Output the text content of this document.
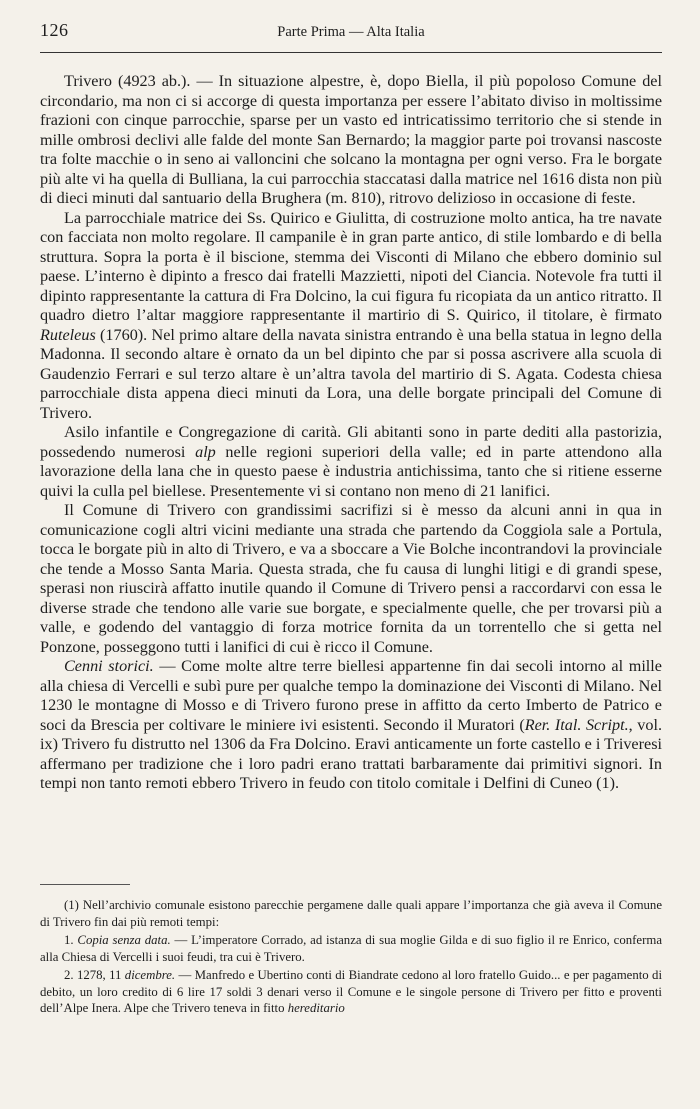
126	Parte Prima — Alta Italia

Trivero (4923 ab.). — In situazione alpestre, è, dopo Biella, il più popoloso Comune del circondario, ma non ci si accorge di questa importanza per essere l’abitato diviso in moltissime frazioni con cinque parrocchie, sparse per un vasto ed intricatissimo territorio che si stende in mille ombrosi declivi alle falde del monte San Bernardo; la maggior parte poi trovansi nascoste tra folte macchie o in seno ai valloncini che solcano la montagna per ogni verso. Fra le borgate più alte vi ha quella di Bulliana, la cui parrocchia staccatasi dalla matrice nel 1616 dista non più di dieci minuti dal santuario della Brughera (m. 810), ritrovo delizioso in occasione di feste.

La parrocchiale matrice dei Ss. Quirico e Giulitta, di costruzione molto antica, ha tre navate con facciata non molto regolare. Il campanile è in gran parte antico, di stile lombardo e di bella struttura. Sopra la porta è il biscione, stemma dei Visconti di Milano che ebbero dominio sul paese. L’interno è dipinto a fresco dai fratelli Mazzietti, nipoti del Ciancia. Notevole fra tutti il dipinto rappresentante la cattura di Fra Dolcino, la cui figura fu ricopiata da un antico ritratto. Il quadro dietro l’altar maggiore rappresentante il martirio di S. Quirico, il titolare, è firmato Ruteleus (1760). Nel primo altare della navata sinistra entrando è una bella statua in legno della Madonna. Il secondo altare è ornato da un bel dipinto che par si possa ascrivere alla scuola di Gaudenzio Ferrari e sul terzo altare è un’altra tavola del martirio di S. Agata. Codesta chiesa parrocchiale dista appena dieci minuti da Lora, una delle borgate principali del Comune di Trivero.

Asilo infantile e Congregazione di carità. Gli abitanti sono in parte dediti alla pastorizia, possedendo numerosi alp nelle regioni superiori della valle; ed in parte attendono alla lavorazione della lana che in questo paese è industria antichissima, tanto che si ritiene esserne quivi la culla pel biellese. Presentemente vi si contano non meno di 21 lanifici.

Il Comune di Trivero con grandissimi sacrifizi si è messo da alcuni anni in qua in comunicazione cogli altri vicini mediante una strada che partendo da Coggiola sale a Portula, tocca le borgate più in alto di Trivero, e va a sboccare a Vie Bolche incontrandovi la provinciale che tende a Mosso Santa Maria. Questa strada, che fu causa di lunghi litigi e di grandi spese, sperasi non riuscirà affatto inutile quando il Comune di Trivero pensi a raccordarvi con essa le diverse strade che tendono alle varie sue borgate, e specialmente quelle, che per trovarsi più a valle, e godendo del vantaggio di forza motrice fornita da un torrentello che si getta nel Ponzone, posseggono tutti i lanifici di cui è ricco il Comune.

Cenni storici. — Come molte altre terre biellesi appartenne fin dai secoli intorno al mille alla chiesa di Vercelli e subì pure per qualche tempo la dominazione dei Visconti di Milano. Nel 1230 le montagne di Mosso e di Trivero furono prese in affitto da certo Imberto de Patrico e soci da Brescia per coltivare le miniere ivi esistenti. Secondo il Muratori (Rer. Ital. Script., vol. ix) Trivero fu distrutto nel 1306 da Fra Dolcino. Eravi anticamente un forte castello e i Triveresi affermano per tradizione che i loro padri erano trattati barbaramente dai primitivi signori. In tempi non tanto remoti ebbero Trivero in feudo con titolo comitale i Delfini di Cuneo (1).

(1) Nell’archivio comunale esistono parecchie pergamene dalle quali appare l’importanza che già aveva il Comune di Trivero fin dai più remoti tempi:

1. Copia senza data. — L’imperatore Corrado, ad istanza di sua moglie Gilda e di suo figlio il re Enrico, conferma alla Chiesa di Vercelli i suoi feudi, tra cui è Trivero.

2. 1278, 11 dicembre. — Manfredo e Ubertino conti di Biandrate cedono al loro fratello Guido... e per pagamento di debito, un loro credito di 6 lire 17 soldi 3 denari verso il Comune e le singole persone di Trivero per fitto e proventi dell’Alpe Inera. Alpe che Trivero teneva in fitto hereditario
